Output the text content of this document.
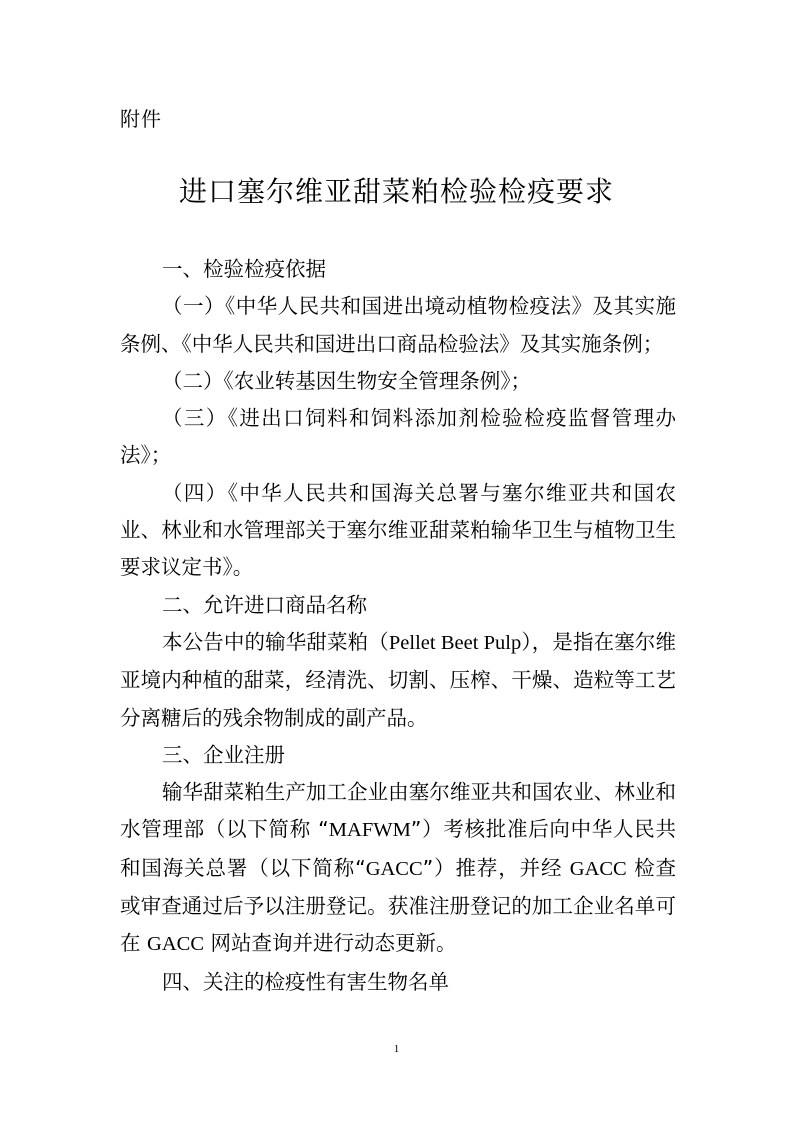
附件
进口塞尔维亚甜菜粕检验检疫要求

一、检验检疫依据

（一）《中华人民共和国进出境动植物检疫法》及其实施条例、《中华人民共和国进出口商品检验法》及其实施条例；

（二）《农业转基因生物安全管理条例》；

（三）《进出口饲料和饲料添加剂检验检疫监督管理办法》；

（四）《中华人民共和国海关总署与塞尔维亚共和国农业、林业和水管理部关于塞尔维亚甜菜粕输华卫生与植物卫生要求议定书》。

二、允许进口商品名称

本公告中的输华甜菜粕（Pellet Beet Pulp），是指在塞尔维亚境内种植的甜菜，经清洗、切割、压榨、干燥、造粒等工艺分离糖后的残余物制成的副产品。

三、企业注册

输华甜菜粕生产加工企业由塞尔维亚共和国农业、林业和水管理部（以下简称 “MAFWM”）考核批准后向中华人民共和国海关总署（以下简称“GACC”）推荐，并经 GACC 检查或审查通过后予以注册登记。获准注册登记的加工企业名单可在 GACC 网站查询并进行动态更新。

四、关注的检疫性有害生物名单

1
